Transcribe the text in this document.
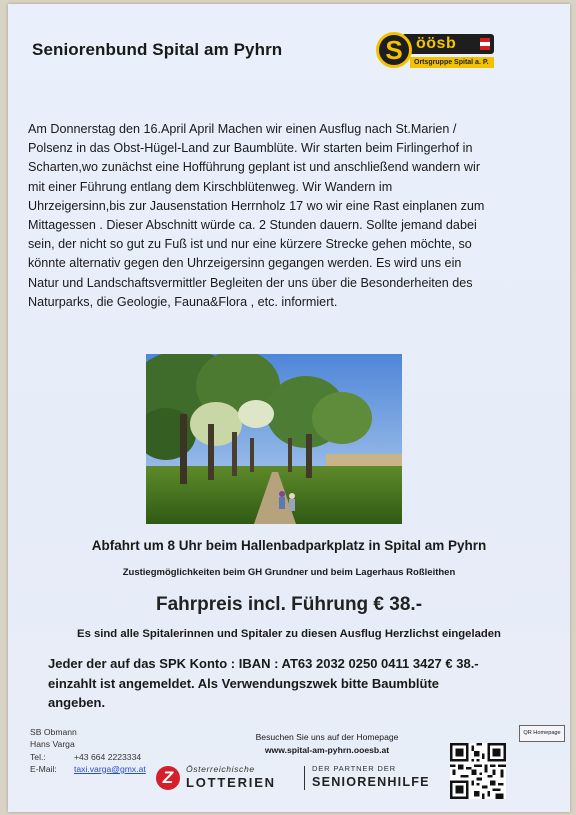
Seniorenbund Spital am Pyhrn	öösb
S	Ortsgruppe Spital a. P.
Am Donnerstag den 16.April April Machen wir einen Ausflug nach St.Marien /
Polsenz in das Obst-Hügel-Land zur Baumblüte. Wir starten beim Firlingerhof in
Scharten,wo zunächst eine Hofführung geplant ist und anschließend wandern wir
mit einer Führung entlang dem Kirschblütenweg. Wir Wandern im
Uhrzeigersinn,bis zur Jausenstation Herrnholz 17 wo wir eine Rast einplanen zum
Mittagessen . Dieser Abschnitt würde ca. 2 Stunden dauern. Sollte jemand dabei
sein, der nicht so gut zu Fuß ist und nur eine kürzere Strecke gehen möchte, so
könnte alternativ gegen den Uhrzeigersinn gegangen werden. Es wird uns ein
Natur und Landschaftsvermittler Begleiten der uns über die Besonderheiten des
Naturparks, die Geologie, Fauna&Flora , etc. informiert.
Abfahrt um 8 Uhr beim Hallenbadparkplatz in Spital am Pyhrn
Zustiegmöglichkeiten beim GH Grundner und beim Lagerhaus Roßleithen
Fahrpreis incl. Führung € 38.-
Es sind alle Spitalerinnen und Spitaler zu diesen Ausflug Herzlichst eingeladen
Jeder der auf das SPK Konto : IBAN : AT63 2032 0250 0411 3427 € 38.-
einzahlt ist angemeldet. Als Verwendungszwek bitte Baumblüte
angeben.
SB Obmann
Hans Varga
Tel.:	+43 664 2223334
E-Mail: taxi.varga@gmx.at
Besuchen Sie uns auf der Homepage
www.spital-am-pyhrn.ooesb.at
QR Homepage
Z	Österreichische
LOTTERIEN
DER PARTNER DER
SENIORENHILFE
